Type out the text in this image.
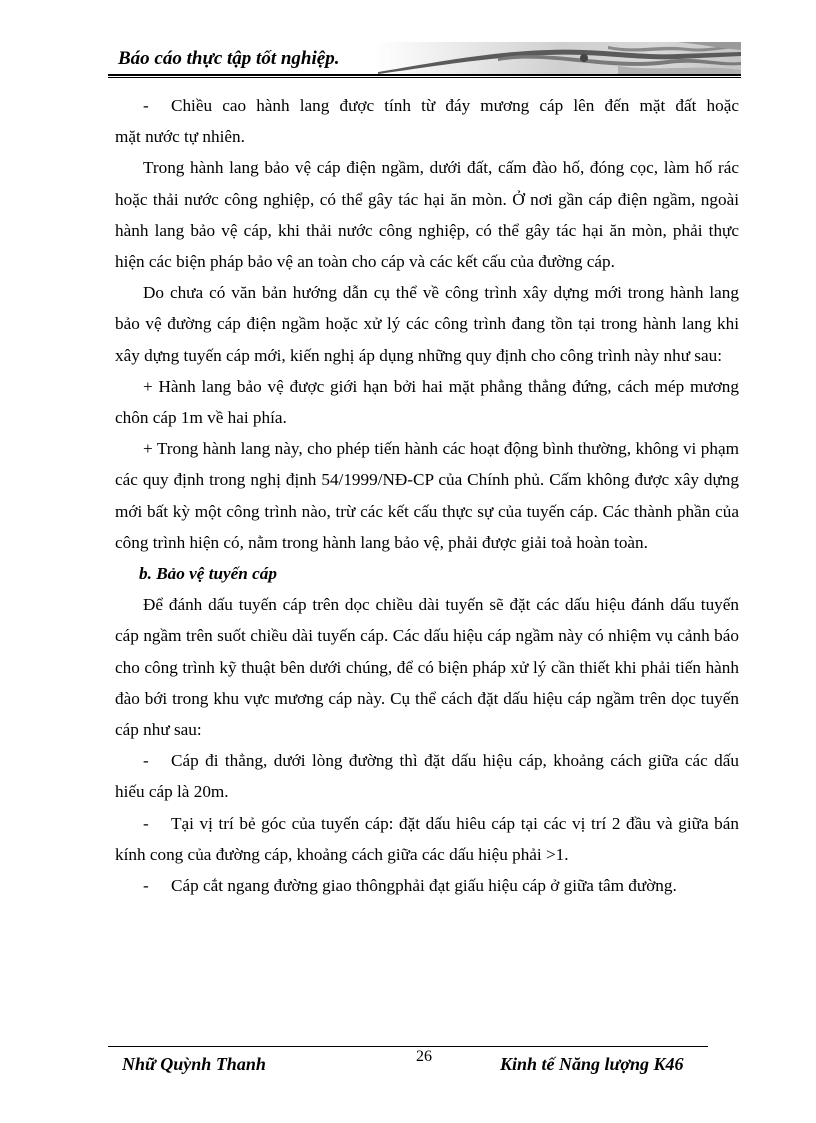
Báo cáo thực tập tốt nghiệp.

- Chiều cao hành lang được tính từ đáy mương cáp lên đến mặt đất hoặc

mặt nước tự nhiên.

Trong hành lang bảo vệ cáp điện ngầm, dưới đất, cấm đào hố, đóng cọc, làm hố rác hoặc thải nước công nghiệp, có thể gây tác hại ăn mòn. Ở nơi gần cáp điện ngầm, ngoài hành lang bảo vệ cáp, khi thải nước công nghiệp, có thể gây tác hại ăn mòn, phải thực hiện các biện pháp bảo vệ an toàn cho cáp và các kết cấu của đường cáp.

Do chưa có văn bản hướng dẫn cụ thể về công trình xây dựng mới trong hành lang bảo vệ đường cáp điện ngầm hoặc xử lý các công trình đang tồn tại trong hành lang khi xây dựng tuyến cáp mới, kiến nghị áp dụng những quy định cho công trình này như sau:

+ Hành lang bảo vệ được giới hạn bởi hai mặt phẳng thẳng đứng, cách mép mương chôn cáp 1m về hai phía.

+ Trong hành lang này, cho phép tiến hành các hoạt động bình thường, không vi phạm các quy định trong nghị định 54/1999/NĐ-CP của Chính phủ. Cấm không được xây dựng mới bất kỳ một công trình nào, trừ các kết cấu thực sự của tuyến cáp. Các thành phần của công trình hiện có, nằm trong hành lang bảo vệ, phải được giải toả hoàn toàn.

b. Bảo vệ tuyến cáp

Để đánh dấu tuyến cáp trên dọc chiều dài tuyến sẽ đặt các dấu hiệu đánh dấu tuyến cáp ngầm trên suốt chiều dài tuyến cáp. Các dấu hiệu cáp ngầm này có nhiệm vụ cảnh báo cho công trình kỹ thuật bên dưới chúng, để có biện pháp xử lý cần thiết khi phải tiến hành đào bới trong khu vực mương cáp này. Cụ thể cách đặt dấu hiệu cáp ngầm trên dọc tuyến cáp như sau:

- Cáp đi thẳng, dưới lòng đường thì đặt dấu hiệu cáp, khoảng cách giữa các dấu hiếu cáp là 20m.

- Tại vị trí bẻ góc của tuyến cáp: đặt dấu hiêu cáp tại các vị trí 2 đầu và giữa bán kính cong của đường cáp, khoảng cách giữa các dấu hiệu phải >1.

- Cáp cắt ngang đường giao thôngphải đạt giấu hiệu cáp ở giữa tâm đường.

Nhữ Quỳnh Thanh	26	Kinh tế Năng lượng K46
